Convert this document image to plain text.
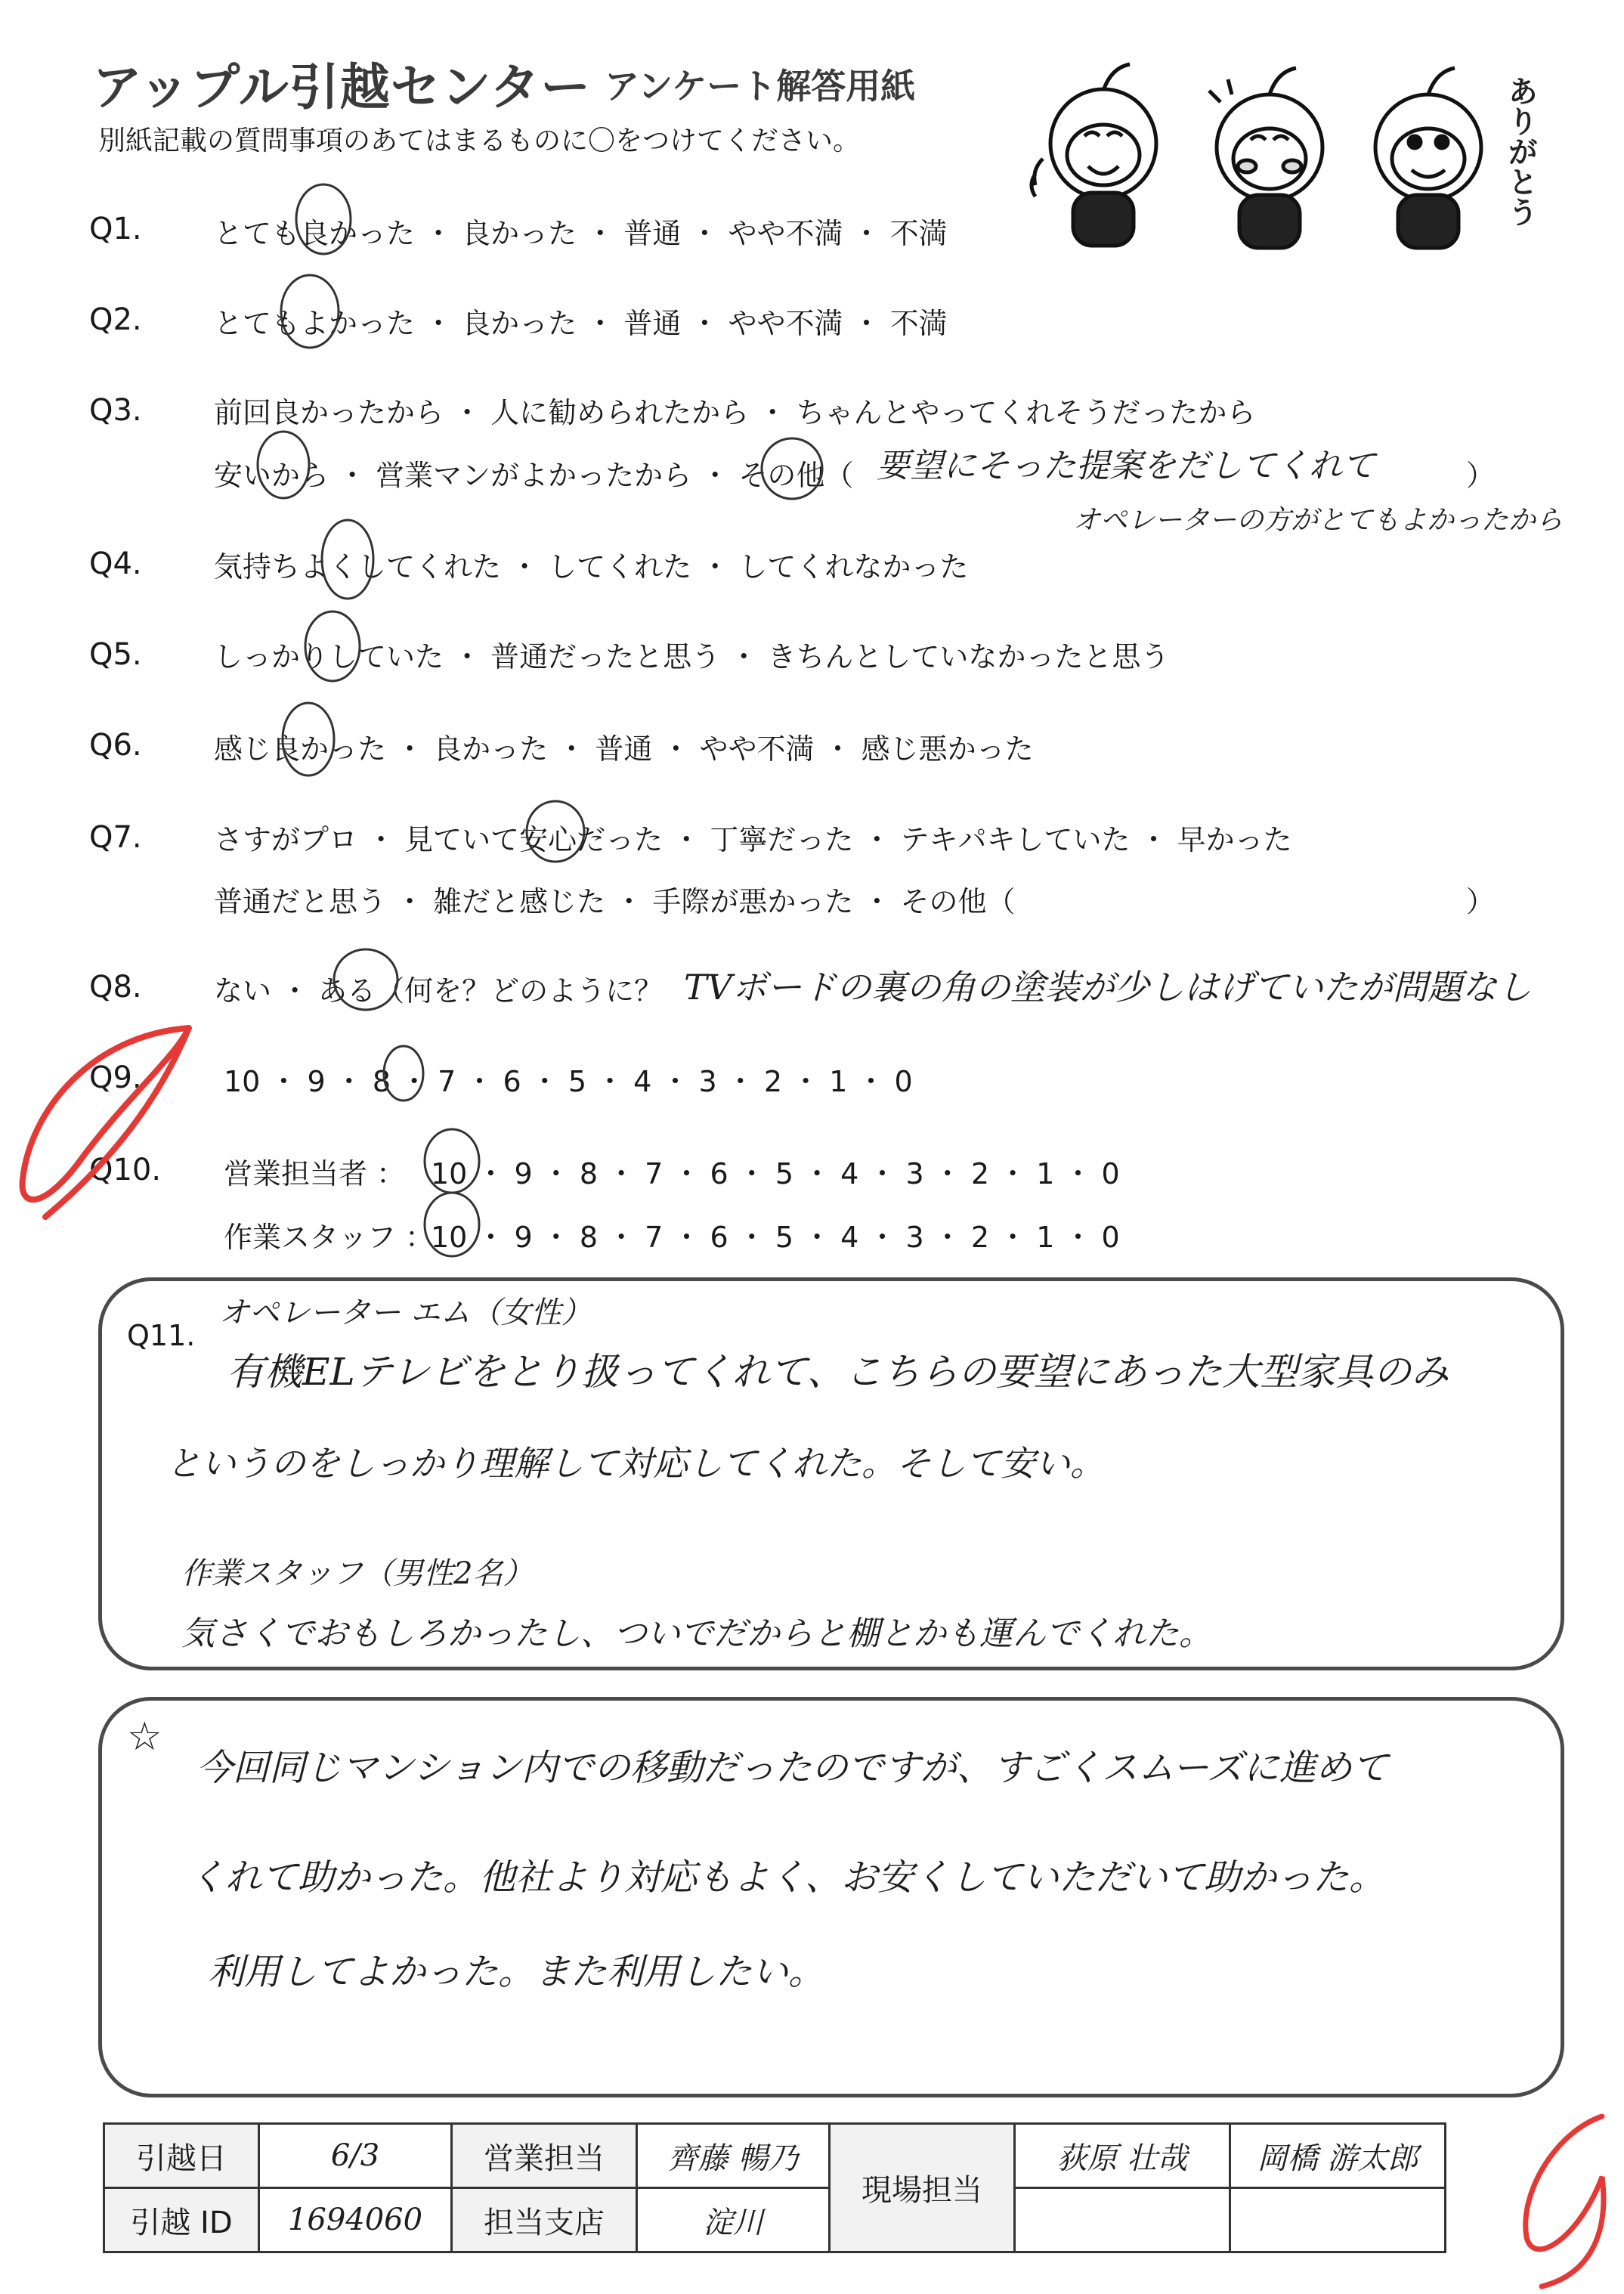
アップル引越センター アンケート解答用紙
別紙記載の質問事項のあてはまるものに〇をつけてください。	ありがとう
Q1.	とても良かった ・ 良かった ・ 普通 ・ やや不満 ・ 不満
Q2.	とてもよかった ・ 良かった ・ 普通 ・ やや不満 ・ 不満
Q3.	前回良かったから ・ 人に勧められたから ・ ちゃんとやってくれそうだったから
安いから ・ 営業マンがよかったから ・ その他（	）
要望にそった提案をだしてくれて
オペレーターの方がとてもよかったから
Q4.	気持ちよくしてくれた ・ してくれた ・ してくれなかった
Q5.	しっかりしていた ・ 普通だったと思う ・ きちんとしていなかったと思う
Q6.	感じ良かった ・ 良かった ・ 普通 ・ やや不満 ・ 感じ悪かった
Q7.	さすがプロ ・ 見ていて安心だった ・ 丁寧だった ・ テキパキしていた ・ 早かった
普通だと思う ・ 雑だと感じた ・ 手際が悪かった ・ その他（	）
Q8.	ない ・ ある（何を？どのように？ TVボードの裏の角の塗装が少しはげていたが問題なし
Q9.	10 ・ 9 ・ 8 ・ 7 ・ 6 ・ 5 ・ 4 ・ 3 ・ 2 ・ 1 ・ 0
Q10. 営業担当者 ： 10 ・ 9 ・ 8 ・ 7 ・ 6 ・ 5 ・ 4 ・ 3 ・ 2 ・ 1 ・ 0
作業スタッフ ：
10 ・ 9 ・ 8 ・ 7 ・ 6 ・ 5 ・ 4 ・ 3 ・ 2 ・ 1 ・ 0
Q11.
オペレーター エム（女性）
有機ELテレビをとり扱ってくれて、こちらの要望にあった大型家具のみ
というのをしっかり理解して対応してくれた。そして安い。
作業スタッフ（男性2名）
気さくでおもしろかったし、ついでだからと棚とかも運んでくれた。
☆
今回同じマンション内での移動だったのですが、すごくスムーズに進めて
くれて助かった。他社より対応もよく、お安くしていただいて助かった。
利用してよかった。また利用したい。
引越日	6/3	営業担当	齊藤 暢乃	現場担当	荻原 壮哉	岡橋 游太郎
引越 ID	1694060	担当支店	淀川			
